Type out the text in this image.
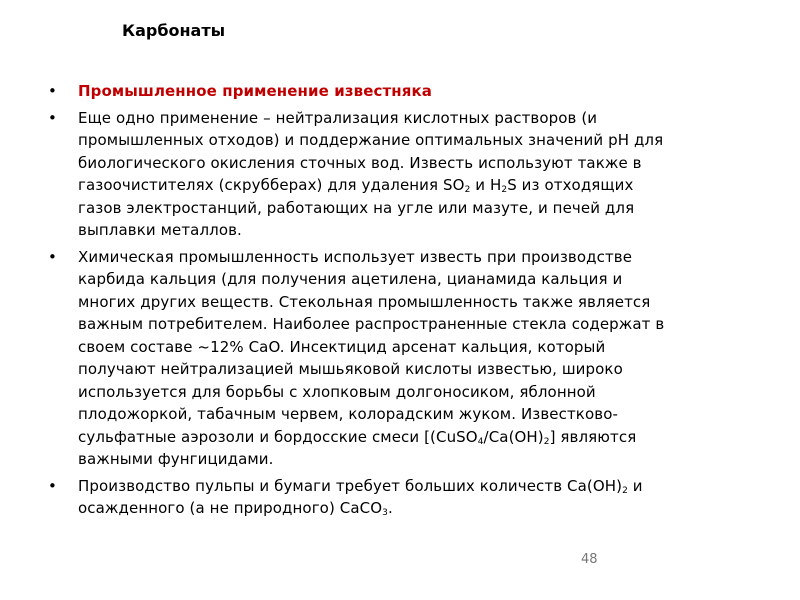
Карбонаты
•	Промышленное применение известняка
•	Еще одно применение – нейтрализация кислотных растворов (и
промышленных отходов) и поддержание оптимальных значений pH для
биологического окисления сточных вод. Известь используют также в
газоочистителях (скрубберах) для удаления $SO_2$ и $H_2S$ из отходящих
газов электростанций, работающих на угле или мазуте, и печей для
выплавки металлов.
•	Химическая промышленность использует известь при производстве
карбида кальция (для получения ацетилена, цианамида кальция и
многих других веществ. Стекольная промышленность также является
важным потребителем. Наиболее распространенные стекла содержат в
своем составе ~12% CaO. Инсектицид арсенат кальция, который
получают нейтрализацией мышьяковой кислоты известью, широко
используется для борьбы с хлопковым долгоносиком, яблонной
плодожоркой, табачным червем, колорадским жуком. Известково-
сульфатные аэрозоли и бордосские смеси [$(CuSO_4/Ca(OH)_2]$ являются
важными фунгицидами.
•	Производство пульпы и бумаги требует больших количеств $Ca(OH)_2$ и
осажденного (а не природного) CaCO$_3$.
48
